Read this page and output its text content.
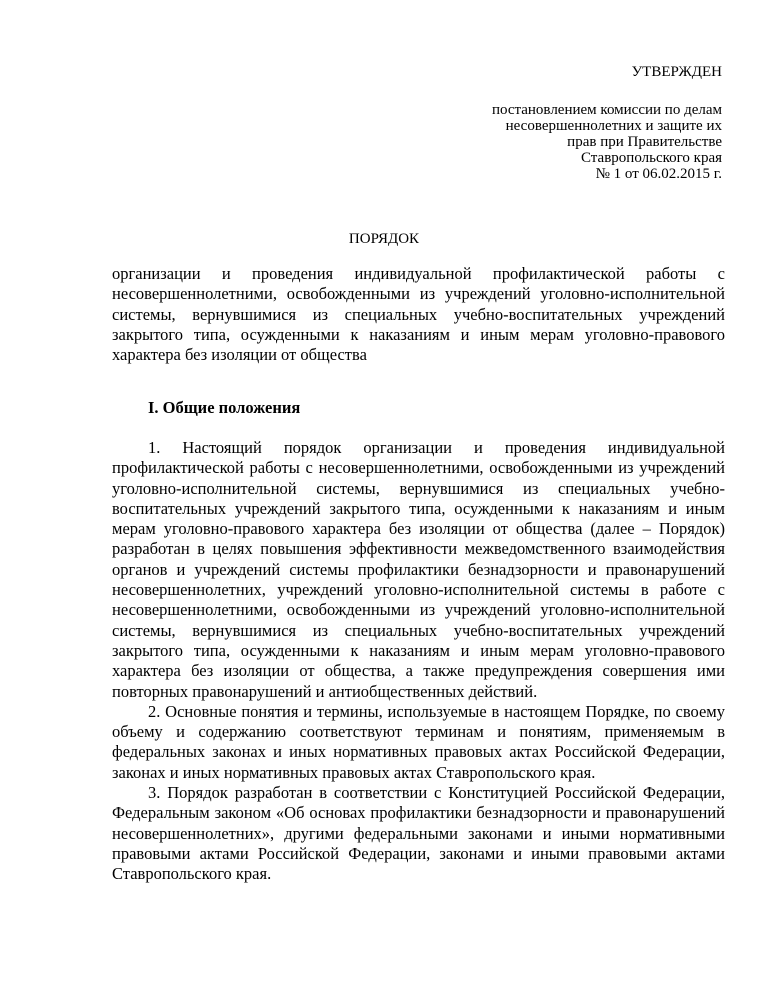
УТВЕРЖДЕН
постановлением комиссии по делам
несовершеннолетних и защите их
прав при Правительстве
Ставропольского края
№ 1 от 06.02.2015 г.
ПОРЯДОК
организации и проведения индивидуальной профилактической работы с несовершеннолетними, освобожденными из учреждений уголовно-исполнительной системы, вернувшимися из специальных учебно-воспитательных учреждений закрытого типа, осужденными к наказаниям и иным мерам уголовно-правового характера без изоляции от общества
I. Общие положения

1. Настоящий порядок организации и проведения индивидуальной профилактической работы с несовершеннолетними, освобожденными из учреждений уголовно-исполнительной системы, вернувшимися из специальных учебно-воспитательных учреждений закрытого типа, осужденными к наказаниям и иным мерам уголовно-правового характера без изоляции от общества (далее – Порядок) разработан в целях повышения эффективности межведомственного взаимодействия органов и учреждений системы профилактики безнадзорности и правонарушений несовершеннолетних, учреждений уголовно-исполнительной системы в работе с несовершеннолетними, освобожденными из учреждений уголовно-исполнительной системы, вернувшимися из специальных учебно-воспитательных учреждений закрытого типа, осужденными к наказаниям и иным мерам уголовно-правового характера без изоляции от общества, а также предупреждения совершения ими повторных правонарушений и антиобщественных действий.

2. Основные понятия и термины, используемые в настоящем Порядке, по своему объему и содержанию соответствуют терминам и понятиям, применяемым в федеральных законах и иных нормативных правовых актах Российской Федерации, законах и иных нормативных правовых актах Ставропольского края.

3. Порядок разработан в соответствии с Конституцией Российской Федерации, Федеральным законом «Об основах профилактики безнадзорности и правонарушений несовершеннолетних», другими федеральными законами и иными нормативными правовыми актами Российской Федерации, законами и иными правовыми актами Ставропольского края.
